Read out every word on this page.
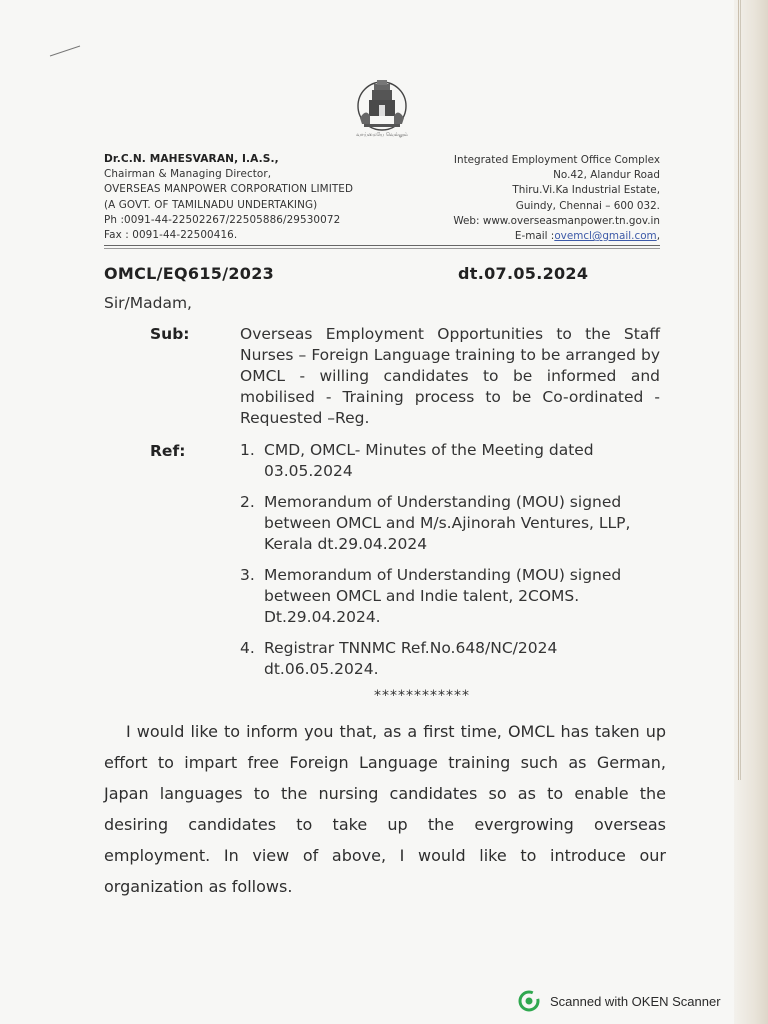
வாய்மையே வெல்லும்
Dr.C.N. MAHESVARAN, I.A.S.,
Chairman & Managing Director,
OVERSEAS MANPOWER CORPORATION LIMITED
(A GOVT. OF TAMILNADU UNDERTAKING)
Ph :0091-44-22502267/22505886/29530072
Fax : 0091-44-22500416.
Integrated Employment Office Complex
No.42, Alandur Road
Thiru.Vi.Ka Industrial Estate,
Guindy, Chennai – 600 032.
Web: www.overseasmanpower.tn.gov.in
E-mail :ovemcl@gmail.com,
OMCL/EQ615/2023	dt.07.05.2024
Sir/Madam,
Sub:	Overseas Employment Opportunities to the Staff Nurses – Foreign Language training to be arranged by OMCL - willing candidates to be informed and mobilised - Training process to be Co-ordinated - Requested –Reg.
Ref:	1. CMD, OMCL- Minutes of the Meeting dated 03.05.2024
2. Memorandum of Understanding (MOU) signed between OMCL and M/s.Ajinorah Ventures, LLP, Kerala dt.29.04.2024
3. Memorandum of Understanding (MOU) signed between OMCL and Indie talent, 2COMS. Dt.29.04.2024.
4. Registrar TNNMC Ref.No.648/NC/2024 dt.06.05.2024.
************
I would like to inform you that, as a first time, OMCL has taken up effort to impart free Foreign Language training such as German, Japan languages to the nursing candidates so as to enable the desiring candidates to take up the evergrowing overseas employment. In view of above, I would like to introduce our organization as follows.
Scanned with OKEN Scanner
